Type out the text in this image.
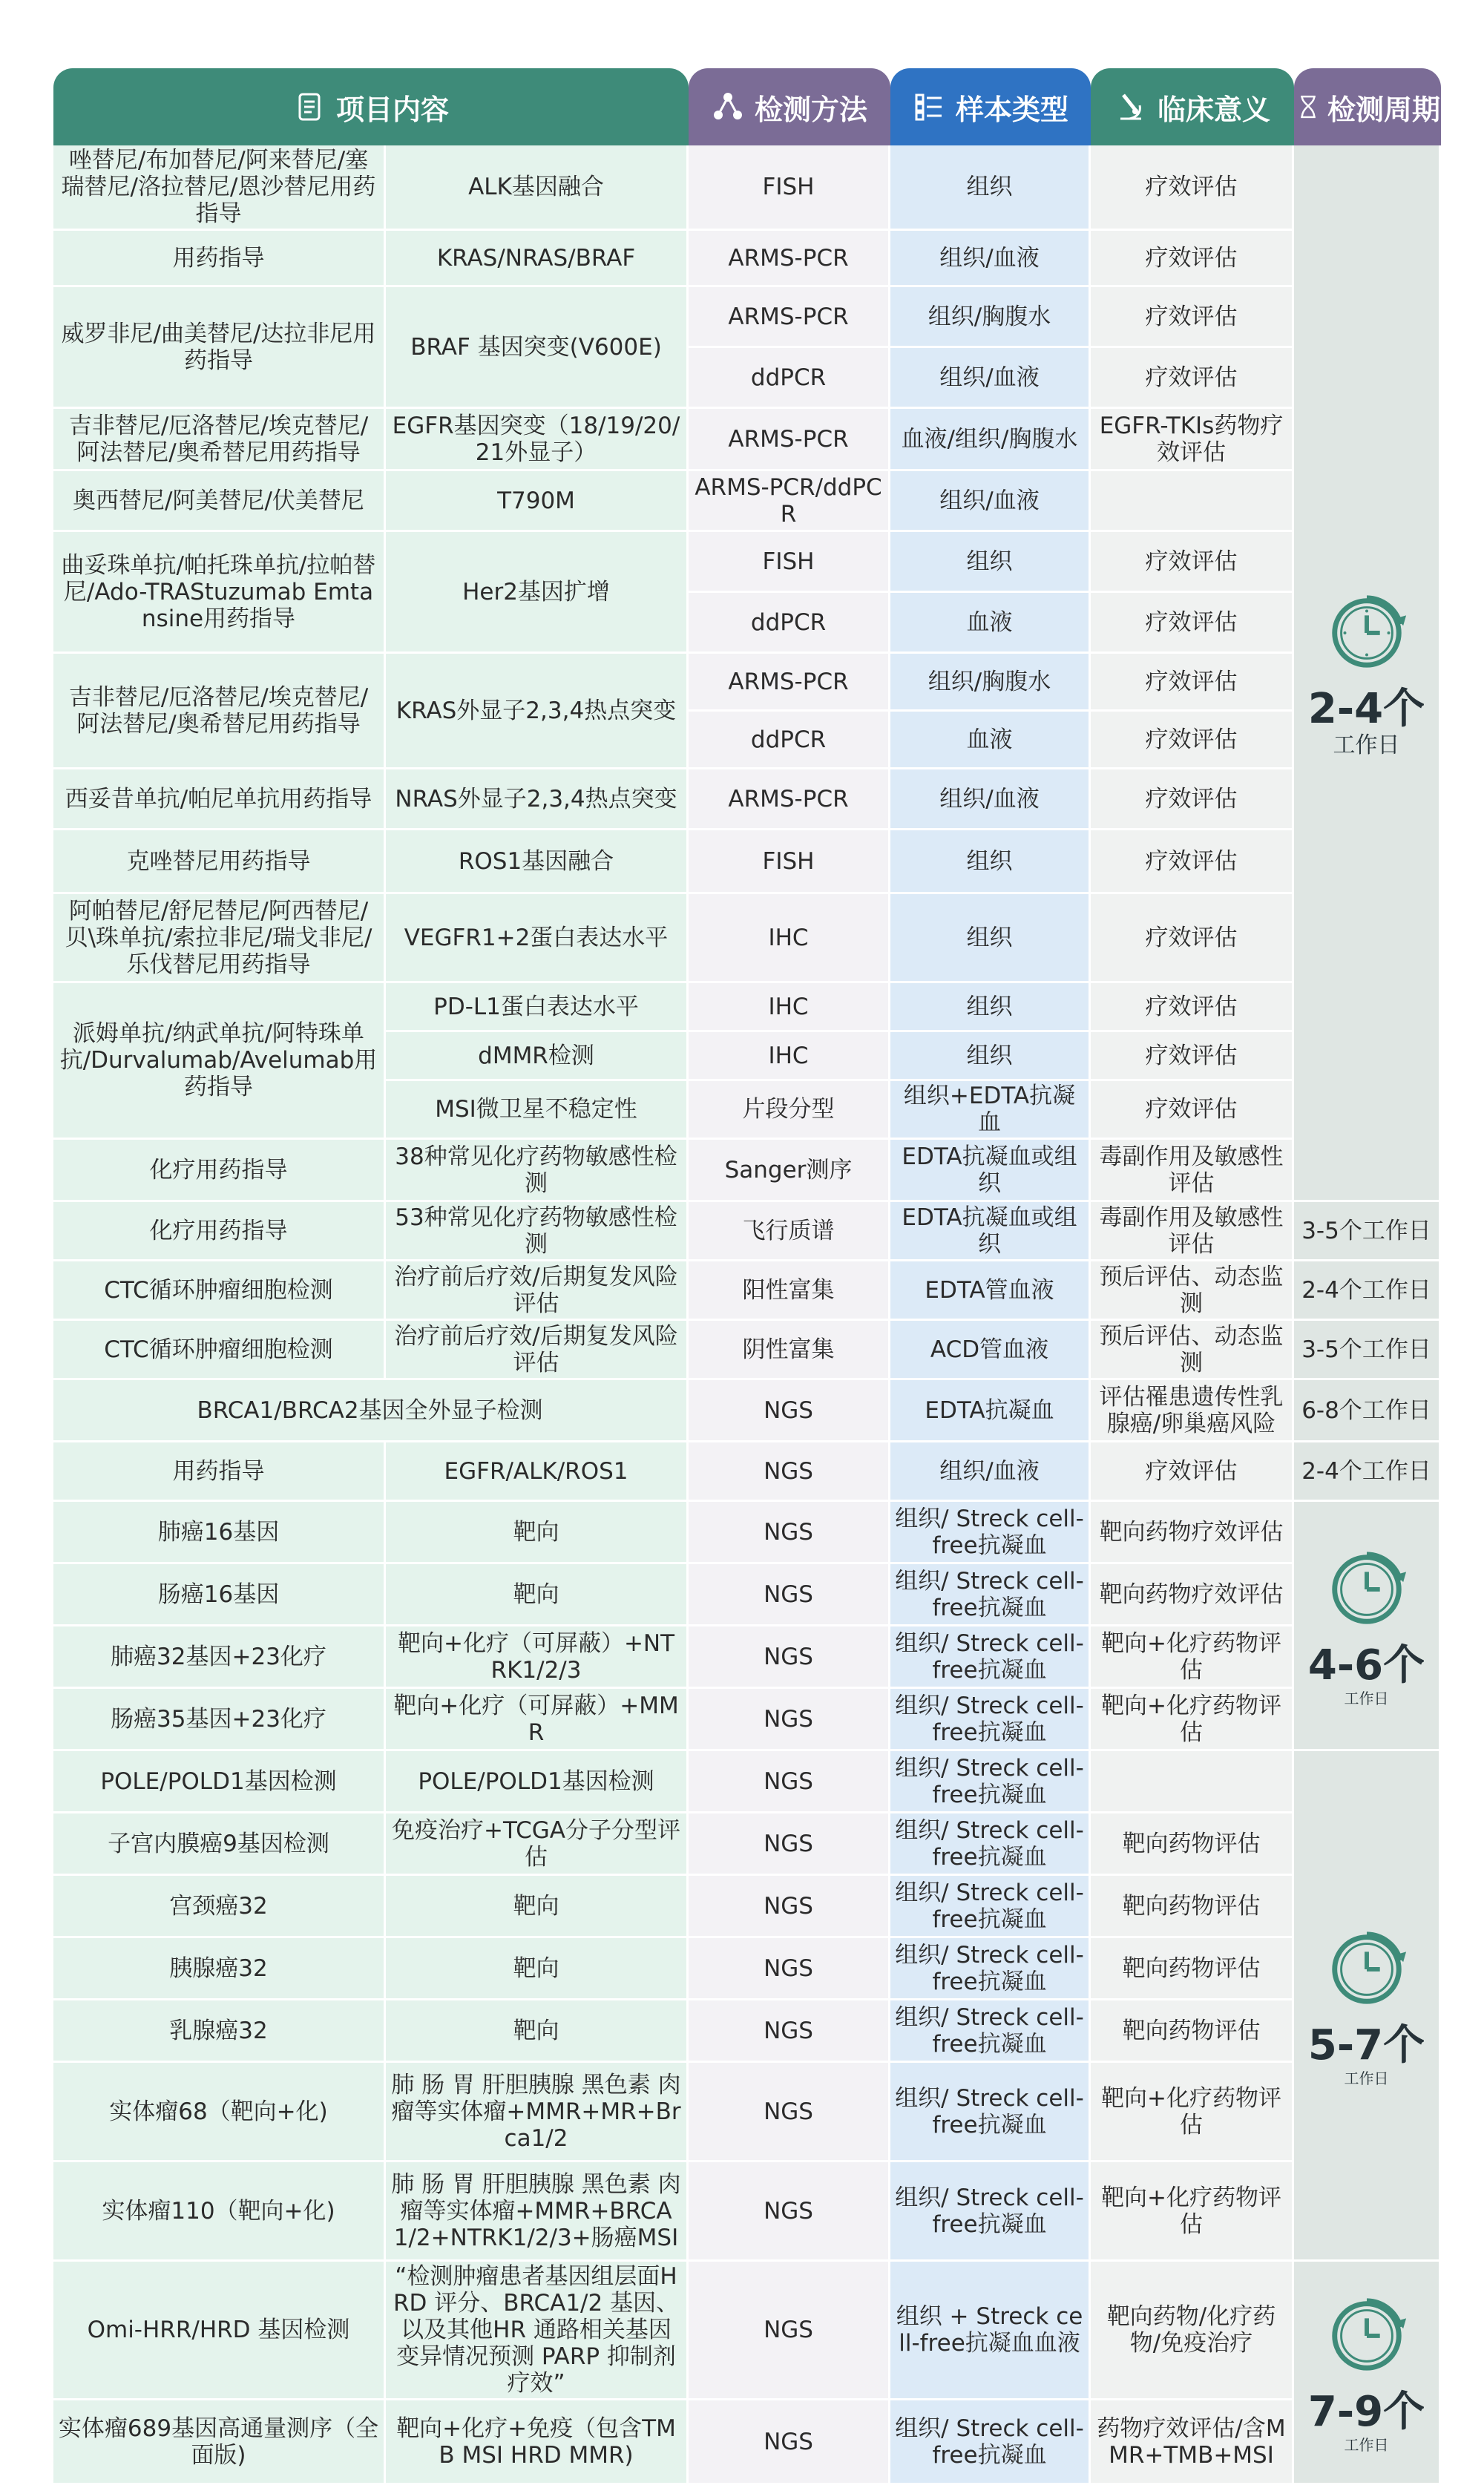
项目内容		检测方法	样本类型	临床意义	检测周期

唑替尼/布加替尼/阿来替尼/塞瑞替尼/洛拉替尼/恩沙替尼用药指导	ALK基因融合	FISH	组织	疗效评估	2-4个
工作日

用药指导	KRAS/NRAS/BRAF	ARMS-PCR	组织/血液	疗效评估	
威罗非尼/曲美替尼/达拉非尼用药指导	BRAF 基因突变(V600E)	ARMS-PCR	组织/胸腹水	疗效评估	
		ddPCR	组织/血液	疗效评估	
吉非替尼/厄洛替尼/埃克替尼/阿法替尼/奥希替尼用药指导	EGFR基因突变（18/19/20/21外显子）	ARMS-PCR	血液/组织/胸腹水	EGFR-TKIs药物疗效评估	
奥西替尼/阿美替尼/伏美替尼	T790M	ARMS-PCR/ddPCR	组织/血液		
曲妥珠单抗/帕托珠单抗/拉帕替尼/Ado-TRAStuzumab Emtansine用药指导	Her2基因扩增	FISH	组织	疗效评估	
		ddPCR	血液	疗效评估	
吉非替尼/厄洛替尼/埃克替尼/阿法替尼/奥希替尼用药指导	KRAS外显子2,3,4热点突变	ARMS-PCR	组织/胸腹水	疗效评估	
		ddPCR	血液	疗效评估	
西妥昔单抗/帕尼单抗用药指导	NRAS外显子2,3,4热点突变	ARMS-PCR	组织/血液	疗效评估	
克唑替尼用药指导	ROS1基因融合	FISH	组织	疗效评估	
阿帕替尼/舒尼替尼/阿西替尼/贝\珠单抗/索拉非尼/瑞戈非尼/乐伐替尼用药指导	VEGFR1+2蛋白表达水平	IHC	组织	疗效评估	
派姆单抗/纳武单抗/阿特珠单抗/Durvalumab/Avelumab用药指导	PD-L1蛋白表达水平	IHC	组织	疗效评估	
	dMMR检测	IHC	组织	疗效评估	
	MSI微卫星不稳定性	片段分型	组织+EDTA抗凝血	疗效评估	
化疗用药指导	38种常见化疗药物敏感性检测	Sanger测序	EDTA抗凝血或组织	毒副作用及敏感性评估	
化疗用药指导	53种常见化疗药物敏感性检测	飞行质谱	EDTA抗凝血或组织	毒副作用及敏感性评估	3-5个工作日
CTC循环肿瘤细胞检测	治疗前后疗效/后期复发风险评估	阳性富集	EDTA管血液	预后评估、动态监测	2-4个工作日
CTC循环肿瘤细胞检测	治疗前后疗效/后期复发风险评估	阴性富集	ACD管血液	预后评估、动态监测	3-5个工作日
BRCA1/BRCA2基因全外显子检测		NGS	EDTA抗凝血	评估罹患遗传性乳腺癌/卵巢癌风险	6-8个工作日
用药指导	EGFR/ALK/ROS1	NGS	组织/血液	疗效评估	2-4个工作日
肺癌16基因	靶向	NGS	组织/ Streck cell-free抗凝血	靶向药物疗效评估	4-6个
工作日

肠癌16基因	靶向	NGS	组织/ Streck cell-free抗凝血	靶向药物疗效评估	
肺癌32基因+23化疗	靶向+化疗（可屏蔽）+NTRK1/2/3	NGS	组织/ Streck cell-free抗凝血	靶向+化疗药物评估	
肠癌35基因+23化疗	靶向+化疗（可屏蔽）+MMR	NGS	组织/ Streck cell-free抗凝血	靶向+化疗药物评估	
POLE/POLD1基因检测	POLE/POLD1基因检测	NGS	组织/ Streck cell-free抗凝血		5-7个
工作日

子宫内膜癌9基因检测	免疫治疗+TCGA分子分型评估	NGS	组织/ Streck cell-free抗凝血	靶向药物评估	
宫颈癌32	靶向	NGS	组织/ Streck cell-free抗凝血	靶向药物评估	
胰腺癌32	靶向	NGS	组织/ Streck cell-free抗凝血	靶向药物评估	
乳腺癌32	靶向	NGS	组织/ Streck cell-free抗凝血	靶向药物评估	
实体瘤68（靶向+化)	肺 肠 胃 肝胆胰腺 黑色素 肉瘤等实体瘤+MMR+MR+Brca1/2	NGS	组织/ Streck cell-free抗凝血	靶向+化疗药物评估	
实体瘤110（靶向+化)	肺 肠 胃 肝胆胰腺 黑色素 肉瘤等实体瘤+MMR+BRCA1/2+NTRK1/2/3+肠癌MSI	NGS	组织/ Streck cell-free抗凝血	靶向+化疗药物评估	
Omi-HRR/HRD 基因检测	“检测肿瘤患者基因组层面HRD 评分、BRCA1/2 基因、以及其他HR 通路相关基因变异情况预测 PARP 抑制剂疗效”	NGS	组织 + Streck cell-free抗凝血血液	靶向药物/化疗药物/免疫治疗	7-9个
工作日

实体瘤689基因高通量测序（全面版)	靶向+化疗+免疫（包含TMB MSI HRD MMR)	NGS	组织/ Streck cell-free抗凝血	药物疗效评估/含MMR+TMB+MSI	
